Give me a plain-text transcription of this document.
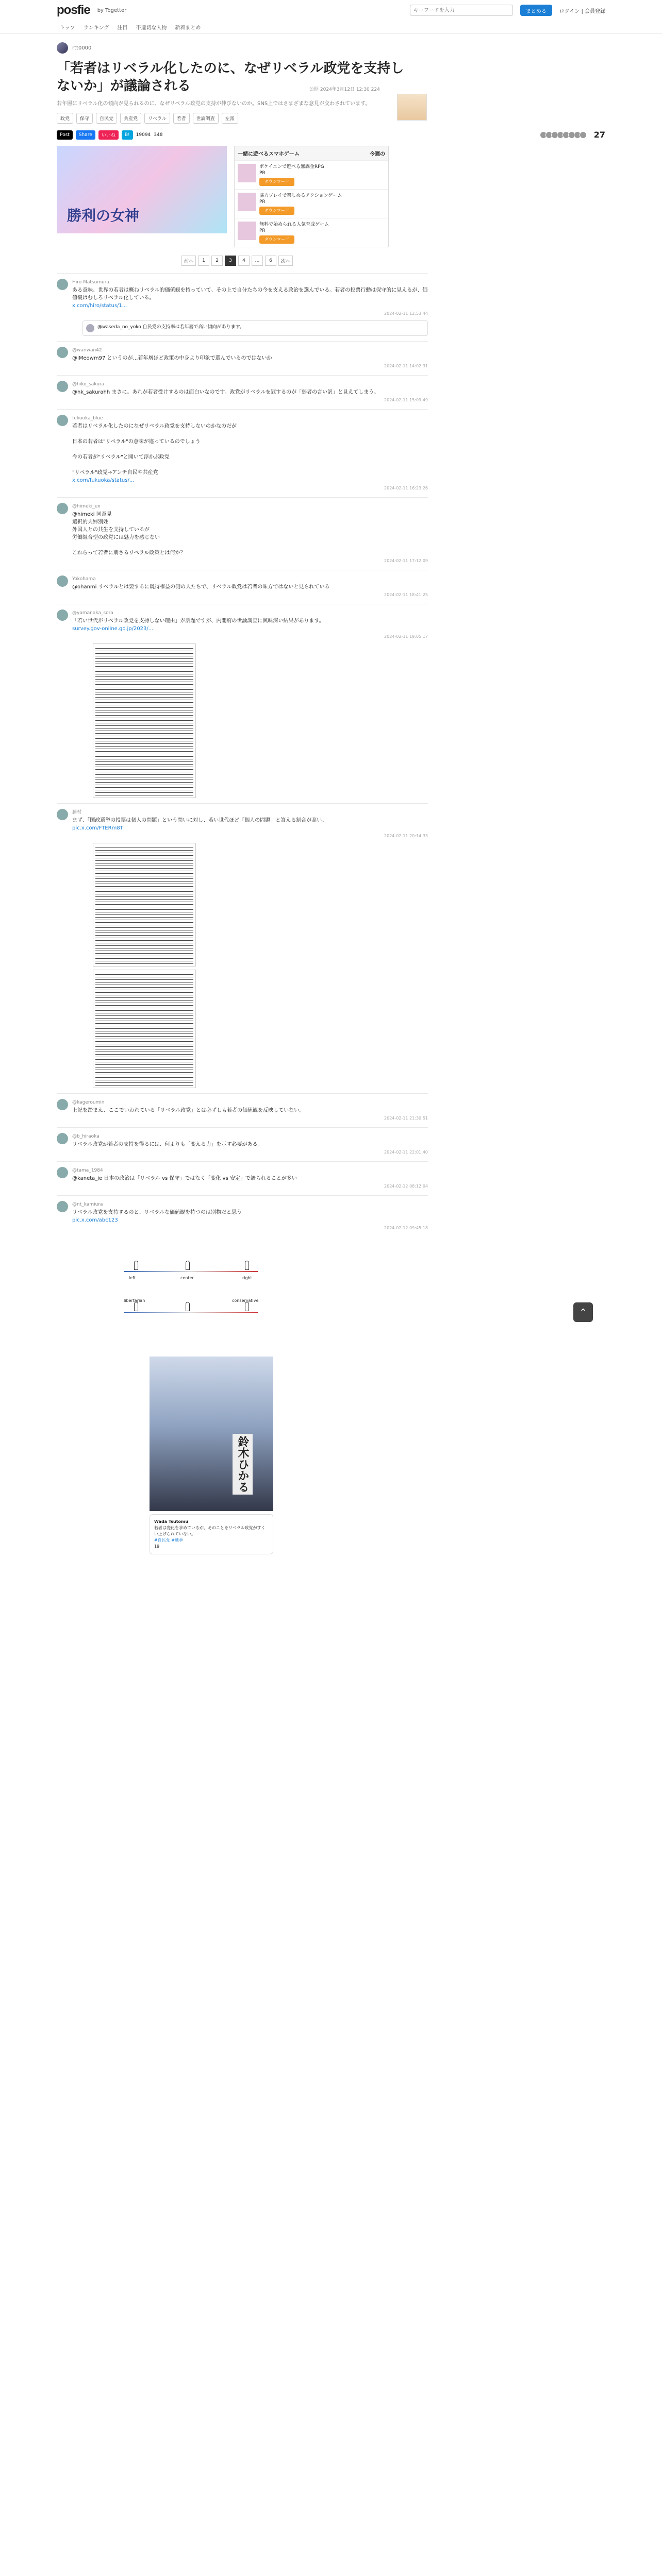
posfie by Togetter
キーワードを入力	まとめる	ログイン | 会員登録
トップ ランキング 注目 不適切な人物 新着まとめ
rtt0000
公開 2024年3月12日 12:30 224
「若者はリベラル化したのに、なぜリベラル政党を支持しないか」が議論される
若年層にリベラル化の傾向が見られるのに、なぜリベラル政党の支持が伸びないのか。SNS上ではさまざまな意見が交わされています。
政党	保守	自民党	共産党	リベラル	若者	世論調査	左派
Post	Share	いいね	B!	19094 348	27
勝利の女神
一緒に遊べるスマホゲーム	今週の
ボケイエンで遊べる無課金RPG
PR
ダウンロード
協力プレイで楽しめるアクションゲーム
PR
ダウンロード
無料で始められる人気育成ゲーム
PR
ダウンロード
前へ	1	2	3	4	…	6	次へ
Hiro Matsumura
ある意味、世界の若者は概ねリベラル的価値観を持っていて、その上で自分たちの今を支える政治を選んでいる。若者の投票行動は保守的に見えるが、価値観はむしろリベラル化している。
x.com/hiro/status/1...
2024-02-11 12:53:44
@waseda_no_yoko 自民党の支持率は若年層で高い傾向があります。
@wanwan42
@iMeowm97 というのが…若年層ほど政策の中身より印象で選んでいるのではないか
2024-02-11 14:02:31
@hiko_sakura
@hk_sakurahh まさに。あれが若者受けするのは面白いなのです。政党がリベラルを冠するのが「弱者の言い訳」と見えてしまう。
2024-02-11 15:09:49
fukuoka_blue
若者はリベラル化したのになぜリベラル政党を支持しないのかなのだが

日本の若者は"リベラル"の意味が違っているのでしょう

今の若者が"リベラル"と聞いて浮かぶ政党

"リベラル"政党→アンチ自民や共産党
x.com/fukuoka/status/...
2024-02-11 16:23:26
@himeki_ex
@himeki 同意見
選択的夫婦別姓
外国人との共生を支持しているが
労働組合型の政党には魅力を感じない

これらって若者に刺さるリベラル政策とは何か？
2024-02-11 17:12:09
Yokohama
@ohanmi リベラルとは要するに既得権益の側の人たちで、リベラル政党は若者の味方ではないと見られている
2024-02-11 18:41:25
@yamanaka_sora
「若い世代がリベラル政党を支持しない理由」が話題ですが、内閣府の世論調査に興味深い結果があります。
survey.gov-online.go.jp/2023/...
2024-02-11 19:05:17
藤村
まず、「国政選挙の投票は個人の問題」という問いに対し、若い世代ほど「個人の問題」と答える割合が高い。
pic.x.com/FTERm8T
2024-02-11 20:14:33
@kageroumin
上記を踏まえ、ここでいわれている「リベラル政党」とは必ずしも若者の価値観を反映していない。
2024-02-11 21:30:51
@b_hiraoka
リベラル政党が若者の支持を得るには、何よりも「変える力」を示す必要がある。
2024-02-11 22:01:40
@tama_1984
@kaneta_ie 日本の政治は「リベラル vs 保守」ではなく「変化 vs 安定」で語られることが多い
2024-02-12 08:12:04
@nt_kamiura
リベラル政党を支持するのと、リベラルな価値観を持つのは別物だと思う
pic.x.com/abc123
2024-02-12 09:45:18
left	center	right
libertarian	conservative
鈴木ひかる
Wada Tsutomu
若者は変化を求めているが、そのことをリベラル政党がすくい上げられていない。
#自民党 #選挙
19
⌃
